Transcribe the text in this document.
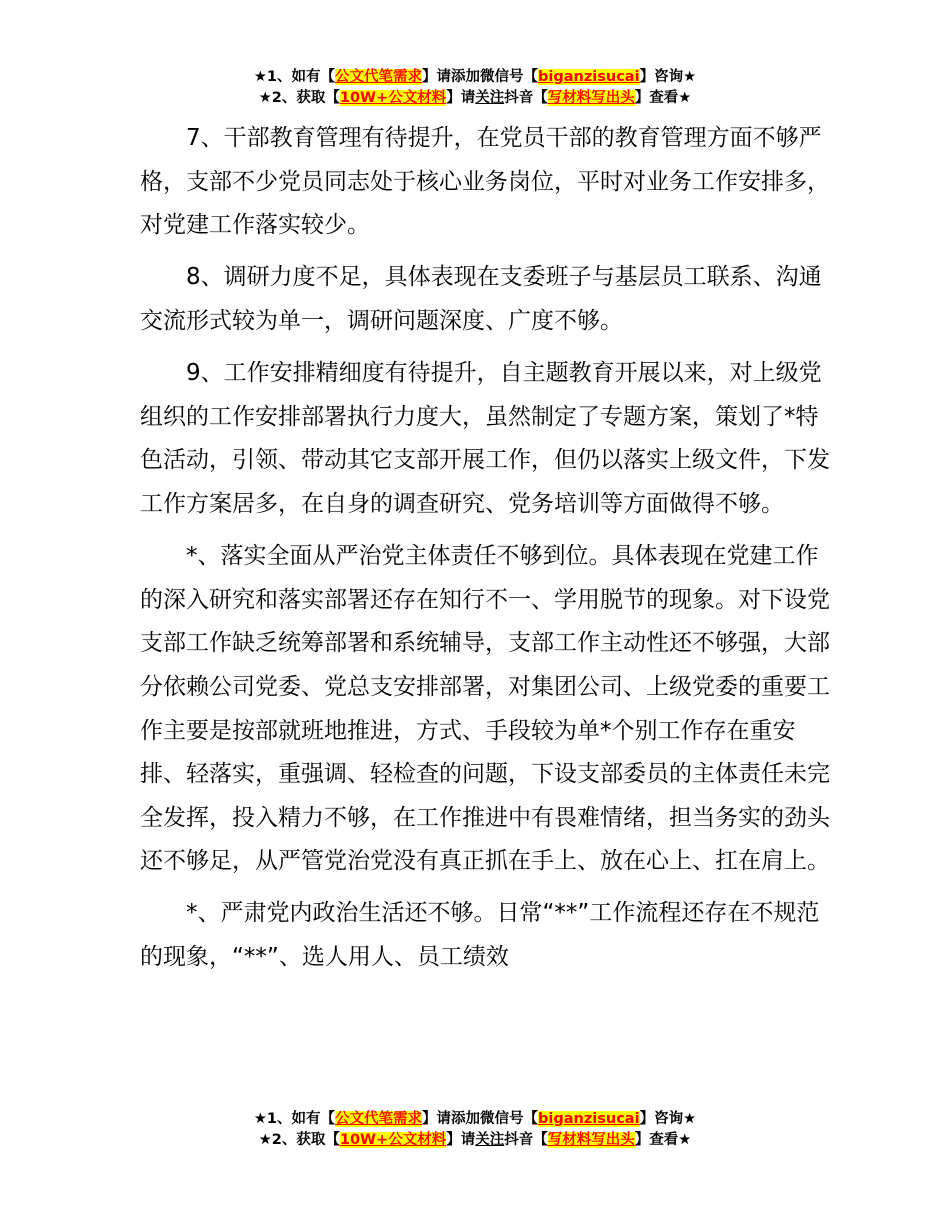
★1、如有【公文代笔需求】请添加微信号【biganzisucai】咨询★
★2、获取【10W+公文材料】请关注抖音【写材料写出头】查看★

7、干部教育管理有待提升，在党员干部的教育管理方面不够严格，支部不少党员同志处于核心业务岗位，平时对业务工作安排多，对党建工作落实较少。

8、调研力度不足，具体表现在支委班子与基层员工联系、沟通交流形式较为单一，调研问题深度、广度不够。

9、工作安排精细度有待提升，自主题教育开展以来，对上级党组织的工作安排部署执行力度大，虽然制定了专题方案，策划了*特色活动，引领、带动其它支部开展工作，但仍以落实上级文件，下发工作方案居多，在自身的调查研究、党务培训等方面做得不够。

*、落实全面从严治党主体责任不够到位。具体表现在党建工作的深入研究和落实部署还存在知行不一、学用脱节的现象。对下设党支部工作缺乏统筹部署和系统辅导，支部工作主动性还不够强，大部分依赖公司党委、党总支安排部署，对集团公司、上级党委的重要工作主要是按部就班地推进，方式、手段较为单*个别工作存在重安排、轻落实，重强调、轻检查的问题，下设支部委员的主体责任未完全发挥，投入精力不够，在工作推进中有畏难情绪，担当务实的劲头还不够足，从严管党治党没有真正抓在手上、放在心上、扛在肩上。

*、严肃党内政治生活还不够。日常“**”工作流程还存在不规范的现象，“**”、选人用人、员工绩效

★1、如有【公文代笔需求】请添加微信号【biganzisucai】咨询★
★2、获取【10W+公文材料】请关注抖音【写材料写出头】查看★
